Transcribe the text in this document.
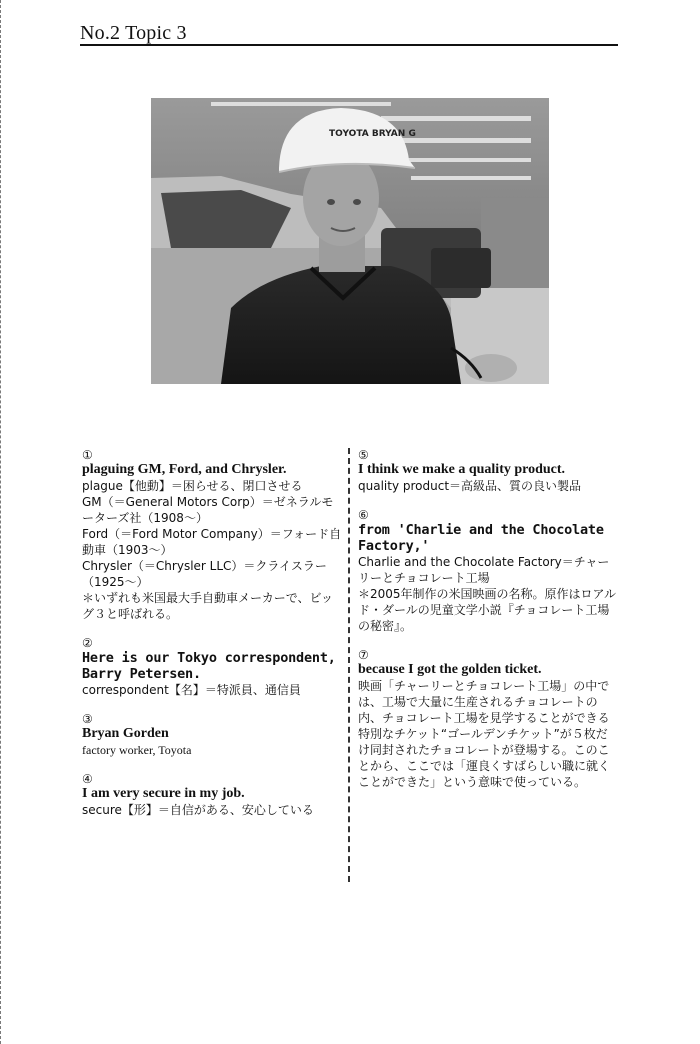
No.2 Topic 3
TOYOTA BRYAN G
①
plaguing GM, Ford, and Chrysler.
plague【他動】＝困らせる、閉口させる
GM（＝General Motors Corp）＝ゼネラルモーターズ社（1908～）
Ford（＝Ford Motor Company）＝フォード自動車（1903～）
Chrysler（＝Chrysler LLC）＝クライスラー（1925～）
＊いずれも米国最大手自動車メーカーで、ビッグ３と呼ばれる。
②
Here is our Tokyo correspondent, Barry Petersen.
correspondent【名】＝特派員、通信員
③
Bryan Gorden
factory worker, Toyota
④
I am very secure in my job.
secure【形】＝自信がある、安心している
⑤
I think we make a quality product.
quality product＝高級品、質の良い製品
⑥
from 'Charlie and the Chocolate Factory,'
Charlie and the Chocolate Factory＝チャーリーとチョコレート工場
＊2005年制作の米国映画の名称。原作はロアルド・ダールの児童文学小説『チョコレート工場の秘密』。
⑦
because I got the golden ticket.
映画「チャーリーとチョコレート工場」の中では、工場で大量に生産されるチョコレートの内、チョコレート工場を見学することができる特別なチケット“ゴールデンチケット”が５枚だけ同封されたチョコレートが登場する。このことから、ここでは「運良くすばらしい職に就くことができた」という意味で使っている。
